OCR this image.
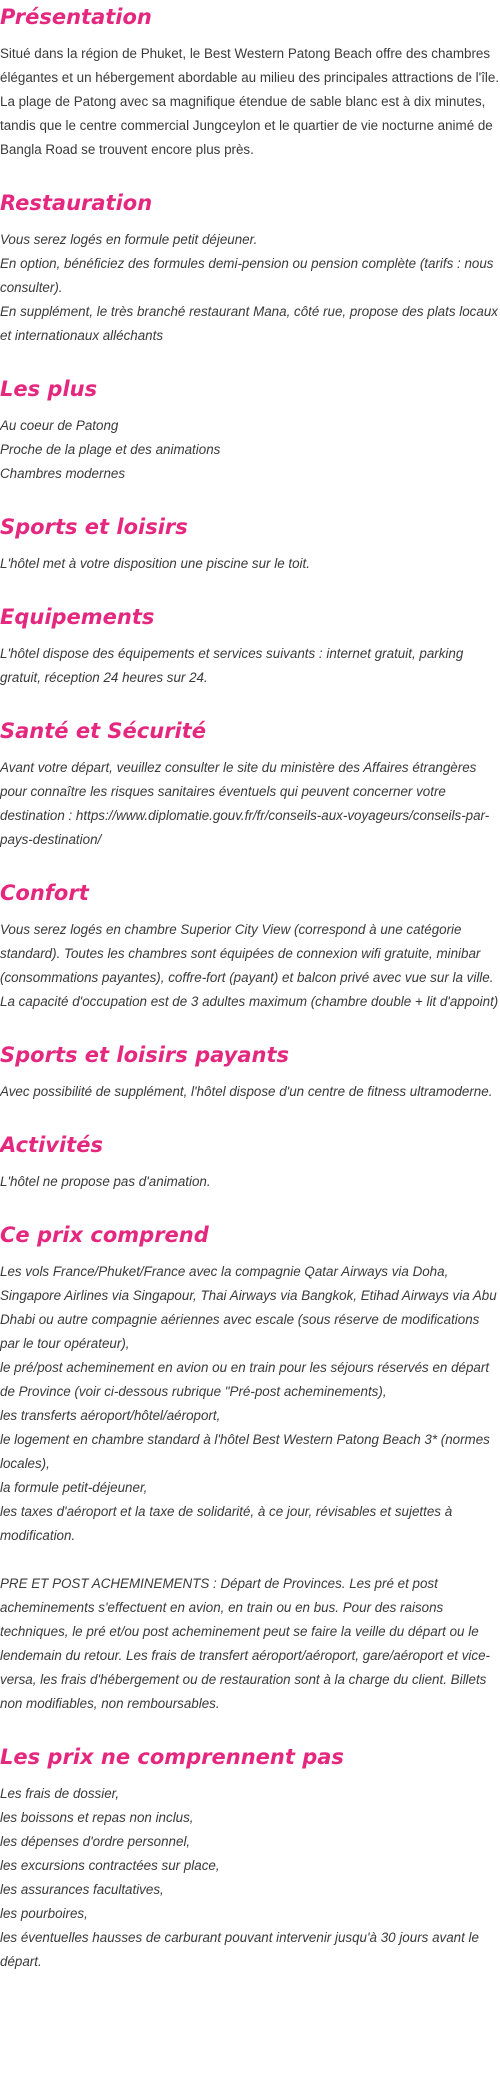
Présentation

Situé dans la région de Phuket, le Best Western Patong Beach offre des chambres élégantes et un hébergement abordable au milieu des principales attractions de l'île. La plage de Patong avec sa magnifique étendue de sable blanc est à dix minutes, tandis que le centre commercial Jungceylon et le quartier de vie nocturne animé de Bangla Road se trouvent encore plus près.

Restauration

Vous serez logés en formule petit déjeuner.

En option, bénéficiez des formules demi-pension ou pension complète (tarifs : nous consulter).

En supplément, le très branché restaurant Mana, côté rue, propose des plats locaux et internationaux alléchants

Les plus

Au coeur de Patong

Proche de la plage et des animations

Chambres modernes

Sports et loisirs

L'hôtel met à votre disposition une piscine sur le toit.

Equipements

L'hôtel dispose des équipements et services suivants : internet gratuit, parking gratuit, réception 24 heures sur 24.

Santé et Sécurité

Avant votre départ, veuillez consulter le site du ministère des Affaires étrangères pour connaître les risques sanitaires éventuels qui peuvent concerner votre destination : https://www.diplomatie.gouv.fr/fr/conseils-aux-voyageurs/conseils-par-pays-destination/

Confort

Vous serez logés en chambre Superior City View (correspond à une catégorie standard). Toutes les chambres sont équipées de connexion wifi gratuite, minibar (consommations payantes), coffre-fort (payant) et balcon privé avec vue sur la ville.

La capacité d'occupation est de 3 adultes maximum (chambre double + lit d'appoint)

Sports et loisirs payants

Avec possibilité de supplément, l'hôtel dispose d'un centre de fitness ultramoderne.

Activités

L'hôtel ne propose pas d'animation.

Ce prix comprend

Les vols France/Phuket/France avec la compagnie Qatar Airways via Doha, Singapore Airlines via Singapour, Thai Airways via Bangkok, Etihad Airways via Abu Dhabi ou autre compagnie aériennes avec escale (sous réserve de modifications par le tour opérateur),

le pré/post acheminement en avion ou en train pour les séjours réservés en départ de Province (voir ci-dessous rubrique "Pré-post acheminements),

les transferts aéroport/hôtel/aéroport,

le logement en chambre standard à l'hôtel Best Western Patong Beach 3* (normes locales),

la formule petit-déjeuner,

les taxes d'aéroport et la taxe de solidarité, à ce jour, révisables et sujettes à modification.

PRE ET POST ACHEMINEMENTS : Départ de Provinces. Les pré et post acheminements s'effectuent en avion, en train ou en bus. Pour des raisons techniques, le pré et/ou post acheminement peut se faire la veille du départ ou le lendemain du retour. Les frais de transfert aéroport/aéroport, gare/aéroport et vice-versa, les frais d'hébergement ou de restauration sont à la charge du client. Billets non modifiables, non remboursables.

Les prix ne comprennent pas

Les frais de dossier,

les boissons et repas non inclus,

les dépenses d'ordre personnel,

les excursions contractées sur place,

les assurances facultatives,

les pourboires,

les éventuelles hausses de carburant pouvant intervenir jusqu'à 30 jours avant le départ.
